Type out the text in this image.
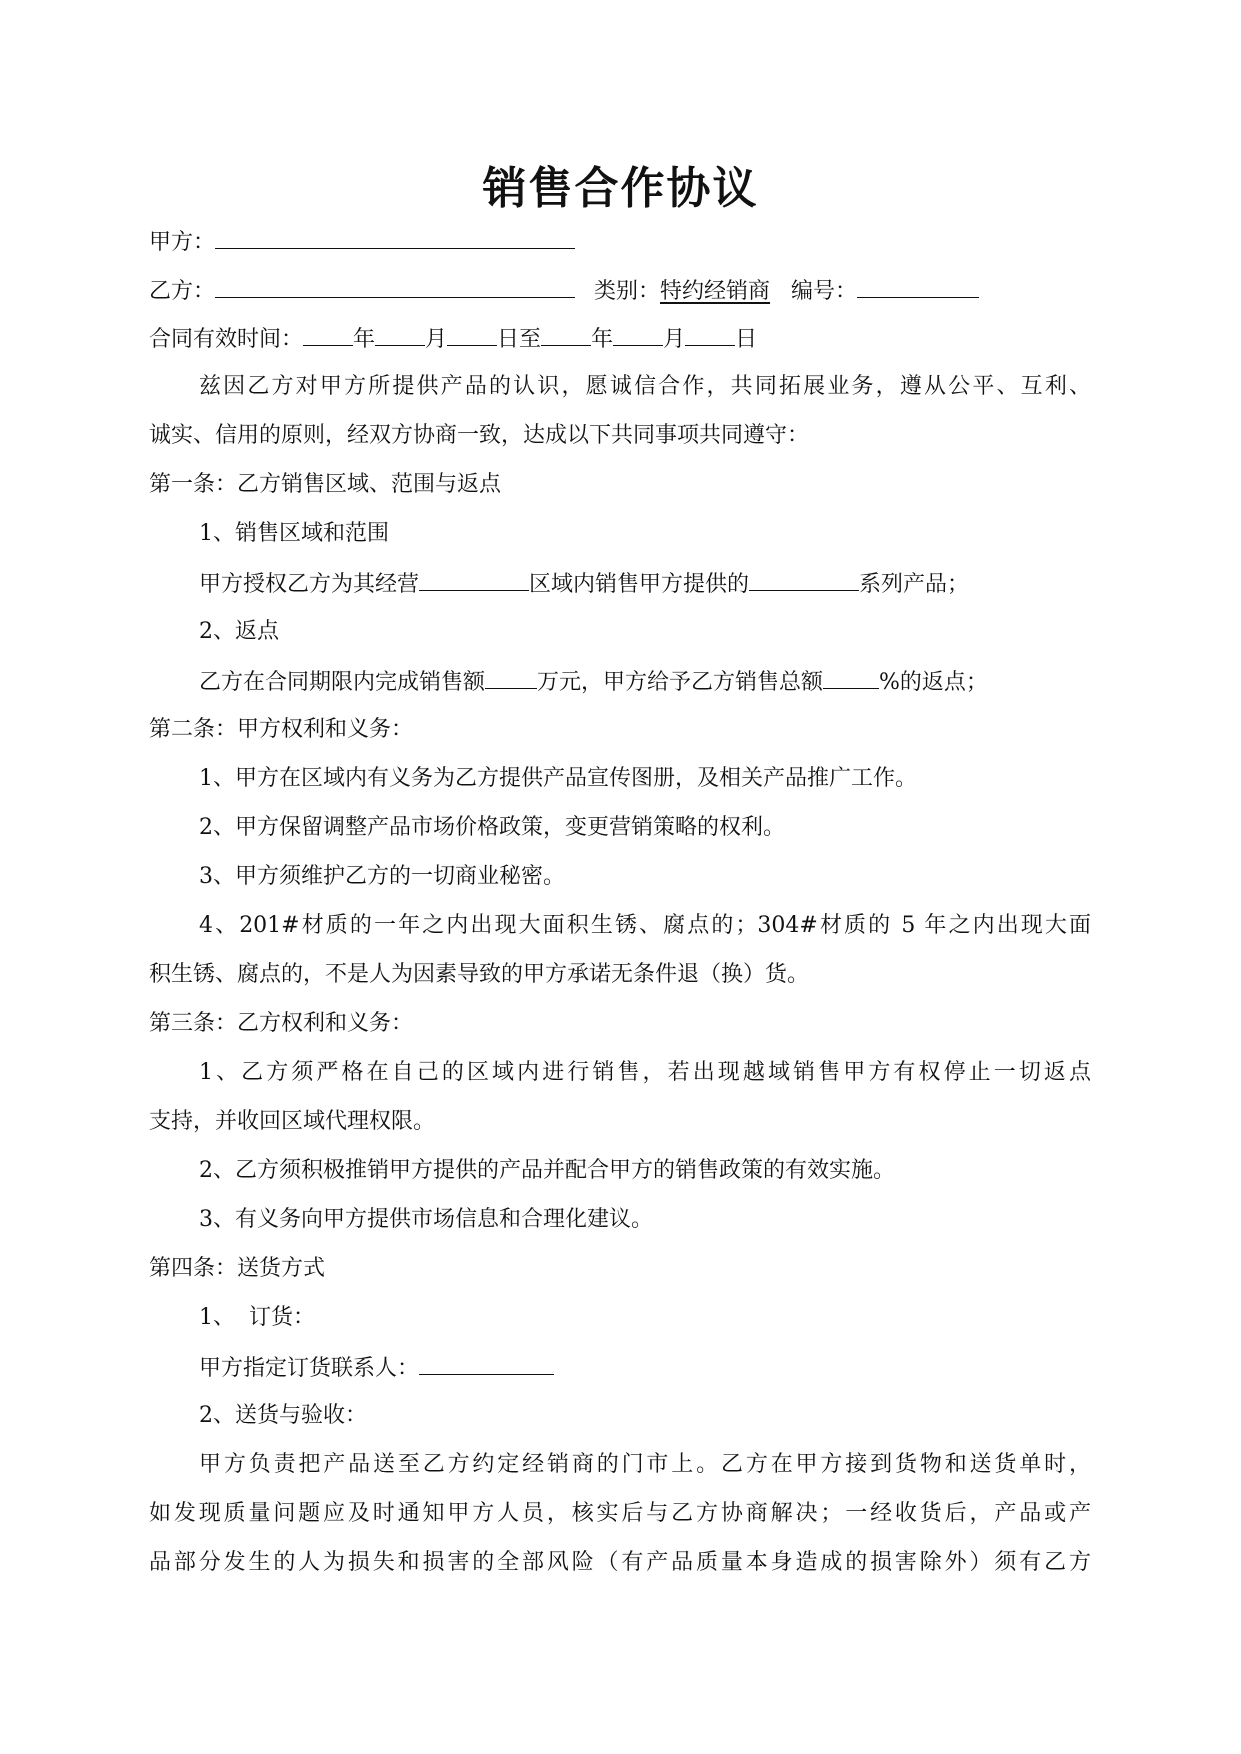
销售合作协议
甲方：
乙方：	类别：特约经销商 编号：
合同有效时间： 年 月 日至 年 月 日
兹因乙方对甲方所提供产品的认识，愿诚信合作，共同拓展业务，遵从公平、互利、
诚实、信用的原则，经双方协商一致，达成以下共同事项共同遵守：
第一条：乙方销售区域、范围与返点
1、销售区域和范围
甲方授权乙方为其经营	区域内销售甲方提供的	系列产品；
2、返点
乙方在合同期限内完成销售额 万元，甲方给予乙方销售总额	%的返点；
第二条：甲方权利和义务：
1、甲方在区域内有义务为乙方提供产品宣传图册，及相关产品推广工作。
2、甲方保留调整产品市场价格政策，变更营销策略的权利。
3、甲方须维护乙方的一切商业秘密。
4、201#材质的一年之内出现大面积生锈、腐点的；304#材质的 5 年之内出现大面
积生锈、腐点的，不是人为因素导致的甲方承诺无条件退（换）货。
第三条：乙方权利和义务：
1、乙方须严格在自己的区域内进行销售，若出现越域销售甲方有权停止一切返点
支持，并收回区域代理权限。
2、乙方须积极推销甲方提供的产品并配合甲方的销售政策的有效实施。
3、有义务向甲方提供市场信息和合理化建议。
第四条：送货方式
1、  订货：
甲方指定订货联系人：
2、送货与验收：
甲方负责把产品送至乙方约定经销商的门市上。乙方在甲方接到货物和送货单时，
如发现质量问题应及时通知甲方人员，核实后与乙方协商解决；一经收货后，产品或产
品部分发生的人为损失和损害的全部风险（有产品质量本身造成的损害除外）须有乙方
